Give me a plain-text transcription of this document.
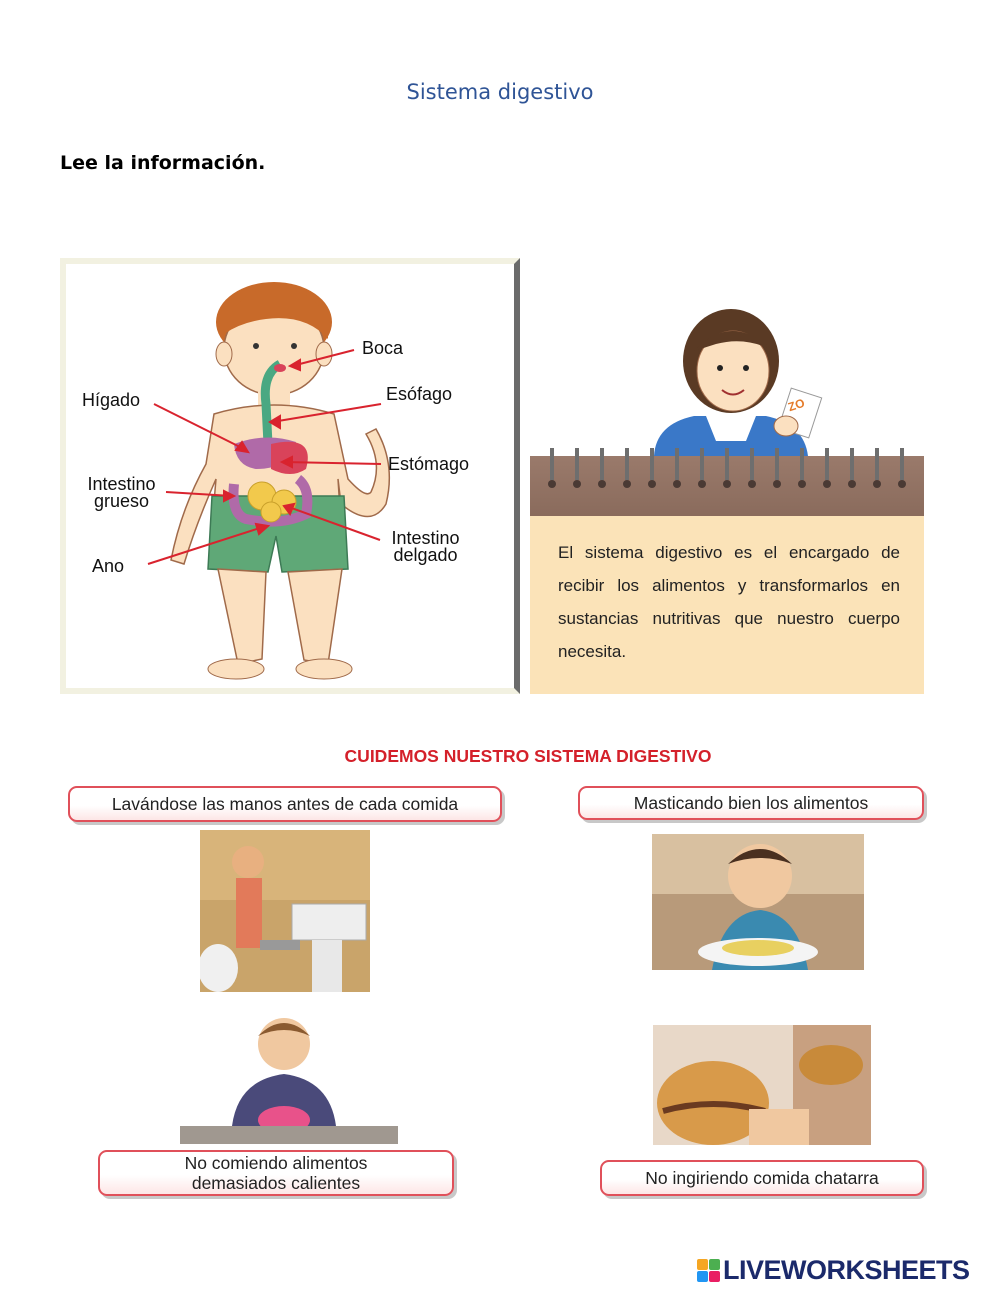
Sistema digestivo
Lee la información.
Boca
Hígado	Esófago
Estómago
Intestino grueso
Ano
Intestino delgado
ZO
El sistema digestivo es el encargado de recibir los alimentos y transformarlos en sustancias nutritivas que nuestro cuerpo necesita.
CUIDEMOS NUESTRO SISTEMA DIGESTIVO
Lavándose las manos antes de cada comida	Masticando bien los alimentos
No comiendo alimentos demasiados calientes	No ingiriendo comida chatarra
LIVEWORKSHEETS
